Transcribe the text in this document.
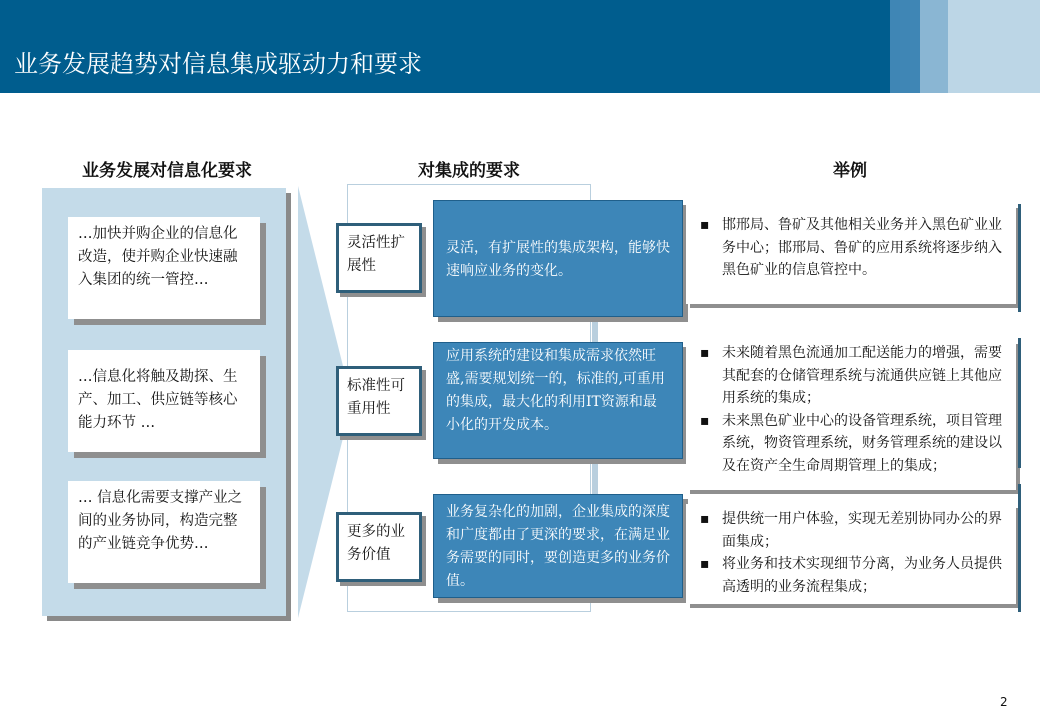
业务发展趋势对信息集成驱动力和要求
业务发展对信息化要求	对集成的要求	举例
…加快并购企业的信息化改造，使并购企业快速融入集团的统一管控…
…信息化将触及勘探、生产、加工、供应链等核心能力环节 …
… 信息化需要支撑产业之间的业务协同，构造完整的产业链竞争优势…
灵活性扩展性
灵活，有扩展性的集成架构，能够快速响应业务的变化。
标准性可重用性
应用系统的建设和集成需求依然旺盛,需要规划统一的，标准的,可重用的集成，最大化的利用IT资源和最小化的开发成本。
更多的业务价值
业务复杂化的加剧，企业集成的深度和广度都由了更深的要求，在满足业务需要的同时，要创造更多的业务价值。
▪ 邯邢局、鲁矿及其他相关业务并入黑色矿业业务中心；邯邢局、鲁矿的应用系统将逐步纳入黑色矿业的信息管控中。
▪ 未来随着黑色流通加工配送能力的增强，需要其配套的仓储管理系统与流通供应链上其他应用系统的集成；
▪ 未来黑色矿业中心的设备管理系统，项目管理系统，物资管理系统，财务管理系统的建设以及在资产全生命周期管理上的集成；
▪ 提供统一用户体验，实现无差别协同办公的界面集成；
▪ 将业务和技术实现细节分离，为业务人员提供高透明的业务流程集成；
2
